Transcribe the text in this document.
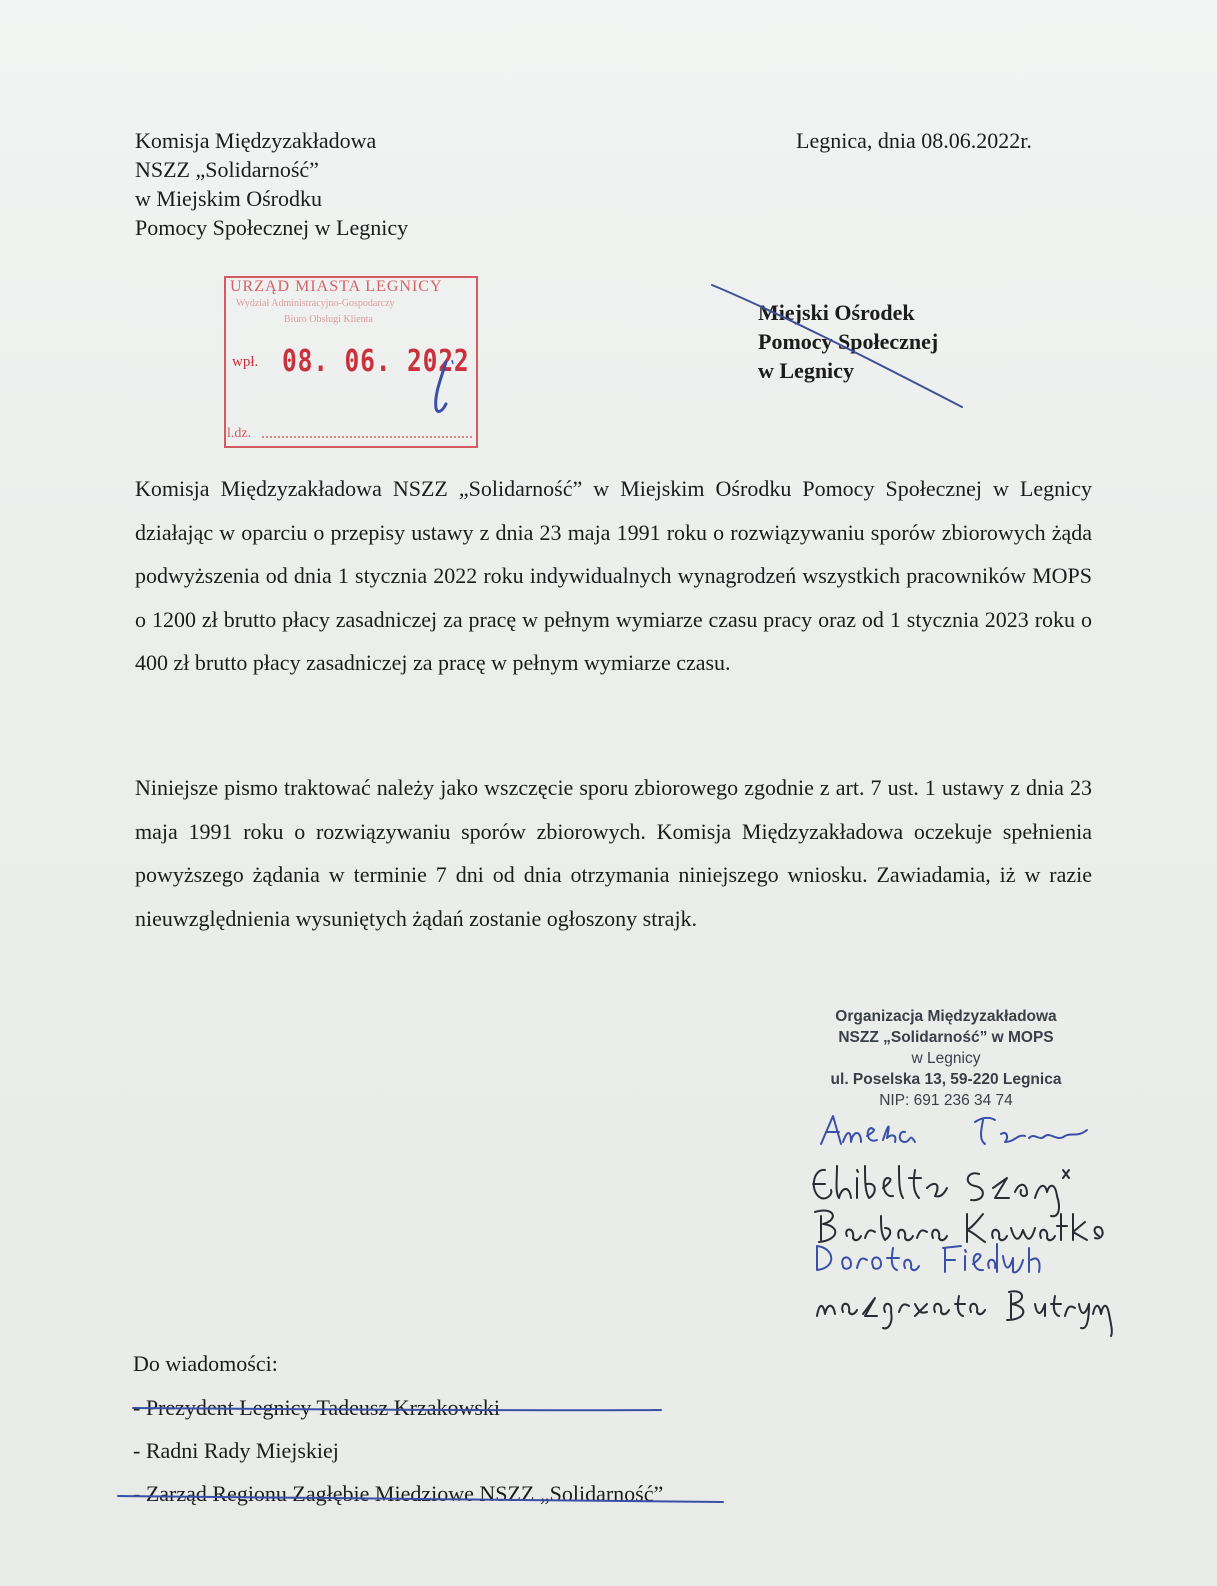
Komisja Międzyzakładowa
NSZZ „Solidarność”
w Miejskim Ośrodku
Pomocy Społecznej w Legnicy
Legnica, dnia 08.06.2022r.
URZĄD MIASTA LEGNICY
Wydział Administracyjno-Gospodarczy
Biuro Obsługi Klienta
wpł. 08. 06. 2022
l.dz.
Miejski Ośrodek
Pomocy Społecznej
w Legnicy
Komisja Międzyzakładowa NSZZ „Solidarność” w Miejskim Ośrodku Pomocy Społecznej w Legnicy działając w oparciu o przepisy ustawy z dnia 23 maja 1991 roku o rozwiązywaniu sporów zbiorowych żąda podwyższenia od dnia 1 stycznia 2022 roku indywidualnych wynagrodzeń wszystkich pracowników MOPS o 1200 zł brutto płacy zasadniczej za pracę w pełnym wymiarze czasu pracy oraz od 1 stycznia 2023 roku o 400 zł brutto płacy zasadniczej za pracę w pełnym wymiarze czasu.
Niniejsze pismo traktować należy jako wszczęcie sporu zbiorowego zgodnie z art. 7 ust. 1 ustawy z dnia 23 maja 1991 roku o rozwiązywaniu sporów zbiorowych. Komisja Międzyzakładowa oczekuje spełnienia powyższego żądania w terminie 7 dni od dnia otrzymania niniejszego wniosku. Zawiadamia, iż w razie nieuwzględnienia wysuniętych żądań zostanie ogłoszony strajk.
Organizacja Międzyzakładowa
NSZZ „Solidarność” w MOPS
w Legnicy
ul. Poselska 13, 59-220 Legnica
NIP: 691 236 34 74
Do wiadomości:
- Prezydent Legnicy Tadeusz Krzakowski
- Radni Rady Miejskiej
- Zarząd Regionu Zagłębie Miedziowe NSZZ „Solidarność”
